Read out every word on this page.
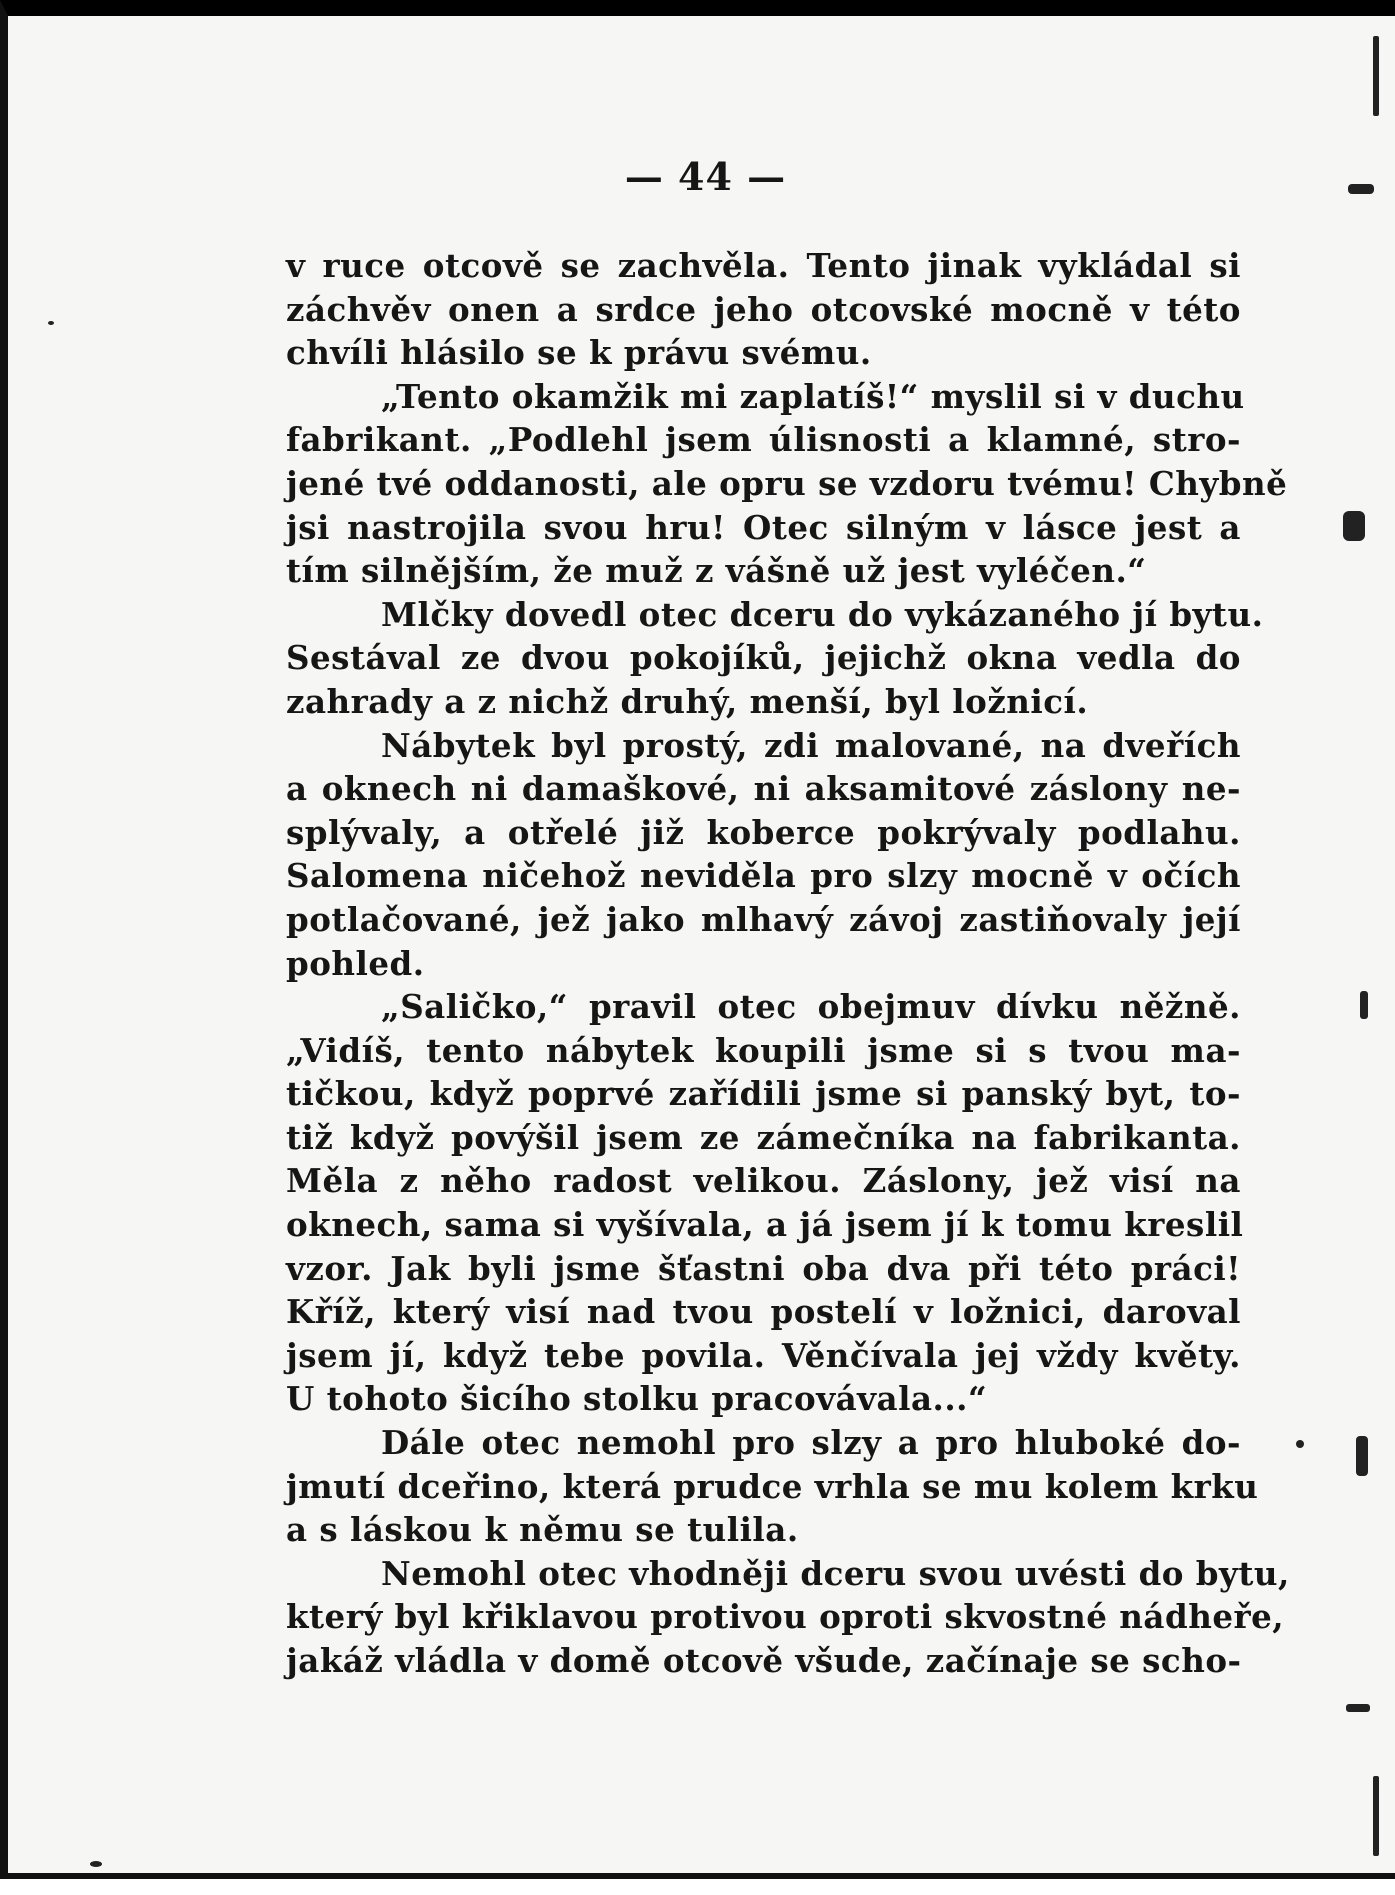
— 44 —
v ruce otcově se zachvěla. Tento jinak vykládal si
záchvěv onen a srdce jeho otcovské mocně v této
chvíli hlásilo se k právu svému.
„Tento okamžik mi zaplatíš!“ myslil si v duchu
fabrikant. „Podlehl jsem úlisnosti a klamné, stro-
jené tvé oddanosti, ale opru se vzdoru tvému! Chybně
jsi nastrojila svou hru! Otec silným v lásce jest a
tím silnějším, že muž z vášně už jest vyléčen.“
Mlčky dovedl otec dceru do vykázaného jí bytu.
Sestával ze dvou pokojíků, jejichž okna vedla do
zahrady a z nichž druhý, menší, byl ložnicí.
Nábytek byl prostý, zdi malované, na dveřích
a oknech ni damaškové, ni aksamitové záslony ne-
splývaly, a otřelé již koberce pokrývaly podlahu.
Salomena ničehož neviděla pro slzy mocně v očích
potlačované, jež jako mlhavý závoj zastiňovaly její
pohled.
„Saličko,“ pravil otec obejmuv dívku něžně.
„Vidíš, tento nábytek koupili jsme si s tvou ma-
tičkou, když poprvé zařídili jsme si panský byt, to-
tiž když povýšil jsem ze zámečníka na fabrikanta.
Měla z něho radost velikou. Záslony, jež visí na
oknech, sama si vyšívala, a já jsem jí k tomu kreslil
vzor. Jak byli jsme šťastni oba dva při této práci!
Kříž, který visí nad tvou postelí v ložnici, daroval
jsem jí, když tebe povila. Věnčívala jej vždy květy.
U tohoto šicího stolku pracovávala...“
Dále otec nemohl pro slzy a pro hluboké do-
jmutí dceřino, která prudce vrhla se mu kolem krku
a s láskou k němu se tulila.
Nemohl otec vhodněji dceru svou uvésti do bytu,
který byl křiklavou protivou oproti skvostné nádheře,
jakáž vládla v domě otcově všude, začínaje se scho-
